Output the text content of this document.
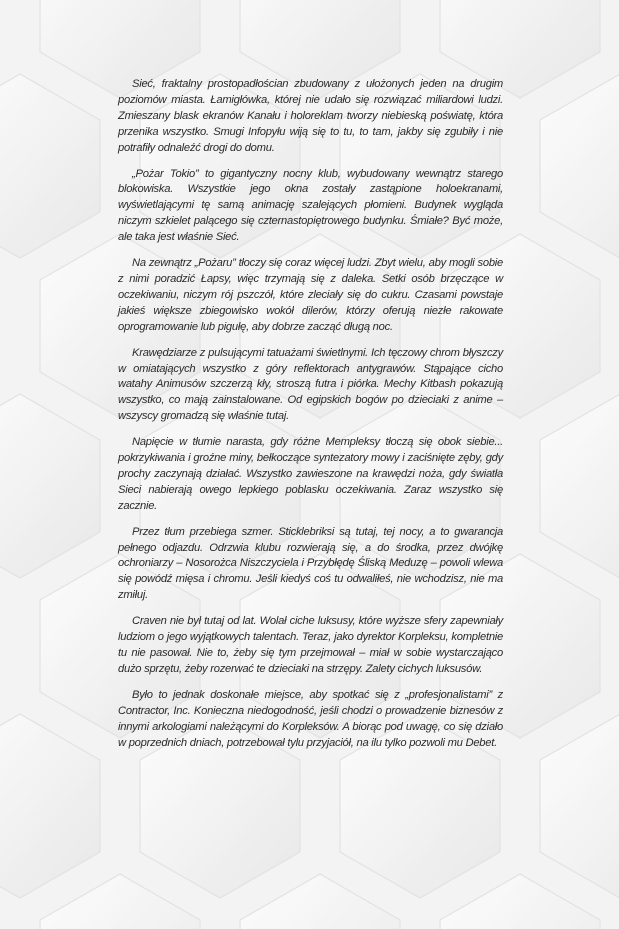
Sieć, fraktalny prostopadłościan zbudowany z ułożonych jeden na drugim poziomów miasta. Łamigłówka, której nie udało się rozwiązać miliardowi ludzi. Zmieszany blask ekranów Kanału i holoreklam tworzy niebieską poświatę, która przenika wszystko. Smugi Infopyłu wiją się to tu, to tam, jakby się zgubiły i nie potrafiły odnaleźć drogi do domu.

„Pożar Tokio” to gigantyczny nocny klub, wybudowany wewnątrz starego blokowiska. Wszystkie jego okna zostały zastąpione holoekranami, wyświetlającymi tę samą animację szalejących płomieni. Budynek wygląda niczym szkielet palącego się czternastopiętrowego budynku. Śmiałe? Być może, ale taka jest właśnie Sieć.

Na zewnątrz „Pożaru” tłoczy się coraz więcej ludzi. Zbyt wielu, aby mogli sobie z nimi poradzić Łapsy, więc trzymają się z daleka. Setki osób brzęczące w oczekiwaniu, niczym rój pszczół, które zleciały się do cukru. Czasami powstaje jakieś większe zbiegowisko wokół dilerów, którzy oferują niezłe rakowate oprogramowanie lub pigułę, aby dobrze zacząć długą noc.

Krawędziarze z pulsującymi tatuażami świetlnymi. Ich tęczowy chrom błyszczy w omiatających wszystko z góry reflektorach antygrawów. Stąpające cicho watahy Animusów szczerzą kły, stroszą futra i piórka. Mechy Kitbash pokazują wszystko, co mają zainstalowane. Od egipskich bogów po dzieciaki z anime – wszyscy gromadzą się właśnie tutaj.

Napięcie w tłumie narasta, gdy różne Mempleksy tłoczą się obok siebie... pokrzykiwania i groźne miny, bełkoczące syntezatory mowy i zaciśnięte zęby, gdy prochy zaczynają działać. Wszystko zawieszone na krawędzi noża, gdy światła Sieci nabierają owego lepkiego poblasku oczekiwania. Zaraz wszystko się zacznie.

Przez tłum przebiega szmer. Sticklebriksi są tutaj, tej nocy, a to gwarancja pełnego odjazdu. Odrzwia klubu rozwierają się, a do środka, przez dwójkę ochroniarzy – Nosorożca Niszczyciela i Przybłędę Śliską Meduzę – powoli wlewa się powódź mięsa i chromu. Jeśli kiedyś coś tu odwaliłeś, nie wchodzisz, nie ma zmiłuj.

Craven nie był tutaj od lat. Wolał ciche luksusy, które wyższe sfery zapewniały ludziom o jego wyjątkowych talentach. Teraz, jako dyrektor Korpleksu, kompletnie tu nie pasował. Nie to, żeby się tym przejmował – miał w sobie wystarczająco dużo sprzętu, żeby rozerwać te dzieciaki na strzępy. Zalety cichych luksusów.

Było to jednak doskonałe miejsce, aby spotkać się z „profesjonalistami” z Contractor, Inc. Konieczna niedogodność, jeśli chodzi o prowadzenie biznesów z innymi arkologiami należącymi do Korpleksów. A biorąc pod uwagę, co się działo w poprzednich dniach, potrzebował tylu przyjaciół, na ilu tylko pozwoli mu Debet.
